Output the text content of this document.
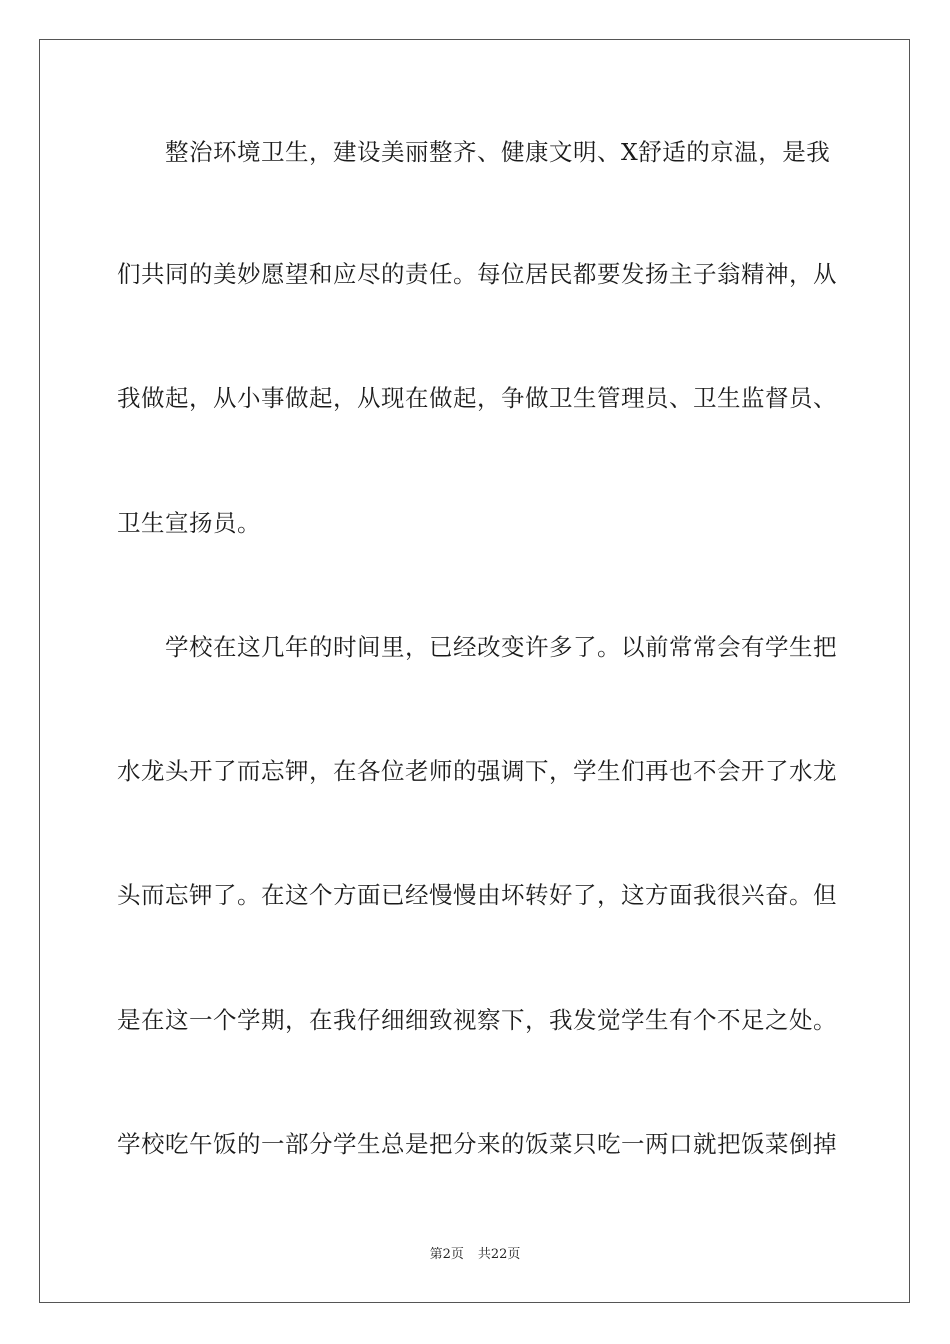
　　整治环境卫生，建设美丽整齐、健康文明、X舒适的京温，是我
们共同的美妙愿望和应尽的责任。每位居民都要发扬主子翁精神，从
我做起，从小事做起，从现在做起，争做卫生管理员、卫生监督员、
卫生宣扬员。
　　学校在这几年的时间里，已经改变许多了。以前常常会有学生把
水龙头开了而忘钾，在各位老师的强调下，学生们再也不会开了水龙
头而忘钾了。在这个方面已经慢慢由坏转好了，这方面我很兴奋。但
是在这一个学期，在我仔细细致视察下，我发觉学生有个不足之处。
学校吃午饭的一部分学生总是把分来的饭菜只吃一两口就把饭菜倒掉
第2页 共22页
